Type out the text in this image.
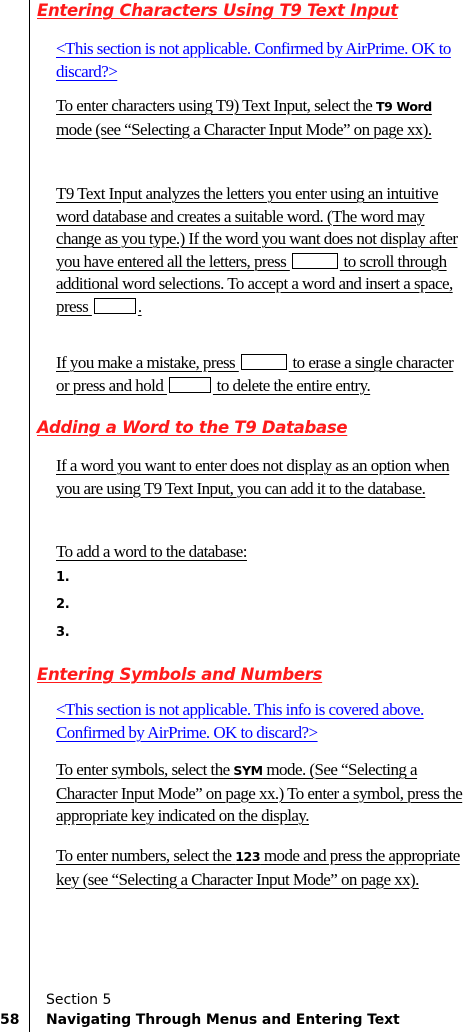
Entering Characters Using T9 Text Input

<This section is not applicable. Confirmed by AirPrime. OK to discard?>

To enter characters using T9) Text Input, select the T9 Word mode (see “Selecting a Character Input Mode” on page xx).

T9 Text Input analyzes the letters you enter using an intuitive word database and creates a suitable word. (The word may change as you type.) If the word you want does not display after you have entered all the letters, press	to scroll through additional word selections. To accept a word and insert a space, press	.

If you make a mistake, press	to erase a single character or press and hold	to delete the entire entry.

Adding a Word to the T9 Database

If a word you want to enter does not display as an option when you are using T9 Text Input, you can add it to the database.

To add a word to the database:

1.

2.

3.

Entering Symbols and Numbers

<This section is not applicable. This info is covered above. Confirmed by AirPrime. OK to discard?>

To enter symbols, select the SYM mode. (See “Selecting a Character Input Mode” on page xx.) To enter a symbol, press the appropriate key indicated on the display.

To enter numbers, select the 123 mode and press the appropriate key (see “Selecting a Character Input Mode” on page xx).

Section 5

58 Navigating Through Menus and Entering Text
